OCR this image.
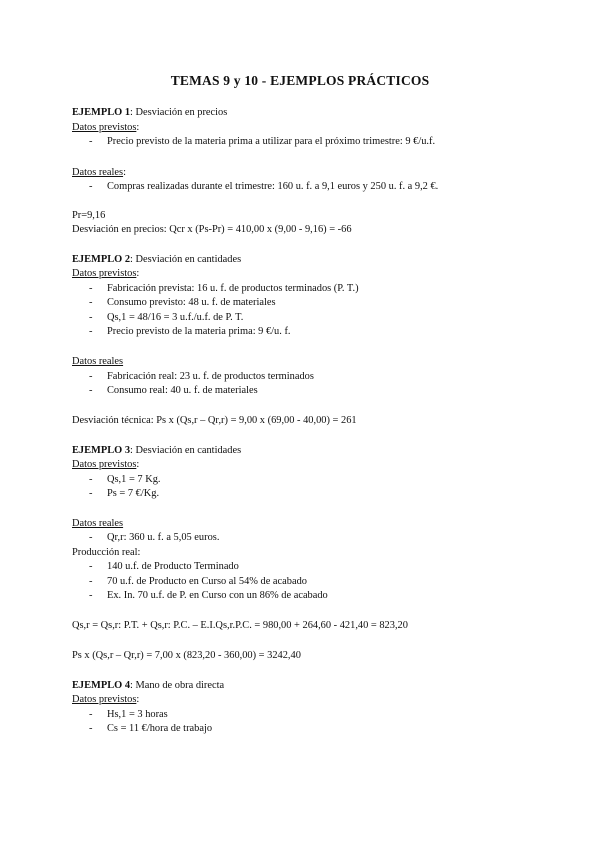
TEMAS 9 y 10 - EJEMPLOS PRÁCTICOS
EJEMPLO 1: Desviación en precios
Datos previstos:
- Precio previsto de la materia prima a utilizar para el próximo trimestre: 9 €/u.f.
Datos reales:
- Compras realizadas durante el trimestre: 160 u. f. a 9,1 euros y 250 u. f. a 9,2 €.
Pr=9,16
Desviación en precios: Qcr x (Ps-Pr) = 410,00 x (9,00 - 9,16) = -66
EJEMPLO 2: Desviación en cantidades
Datos previstos:
- Fabricación prevista: 16 u. f. de productos terminados (P. T.)
- Consumo previsto: 48 u. f. de materiales
- Qs,1 = 48/16 = 3 u.f./u.f. de P. T.
- Precio previsto de la materia prima: 9 €/u. f.
Datos reales
- Fabricación real: 23 u. f. de productos terminados
- Consumo real: 40 u. f. de materiales
Desviación técnica: Ps x (Qs,r – Qr,r) = 9,00 x (69,00 - 40,00) = 261
EJEMPLO 3: Desviación en cantidades
Datos previstos:
- Qs,1 = 7 Kg.
- Ps = 7 €/Kg.
Datos reales
- Qr,r: 360 u. f. a 5,05 euros.
Producción real:
- 140 u.f. de Producto Terminado
- 70 u.f. de Producto en Curso al 54% de acabado
- Ex. In. 70 u.f. de P. en Curso con un 86% de acabado
Qs,r = Qs,r: P.T. + Qs,r: P.C. – E.I.Qs,r.P.C. = 980,00 + 264,60 - 421,40 = 823,20
Ps x (Qs,r – Qr,r) = 7,00 x (823,20 - 360,00) = 3242,40
EJEMPLO 4: Mano de obra directa
Datos previstos:
- Hs,1 = 3 horas
- Cs = 11 €/hora de trabajo
